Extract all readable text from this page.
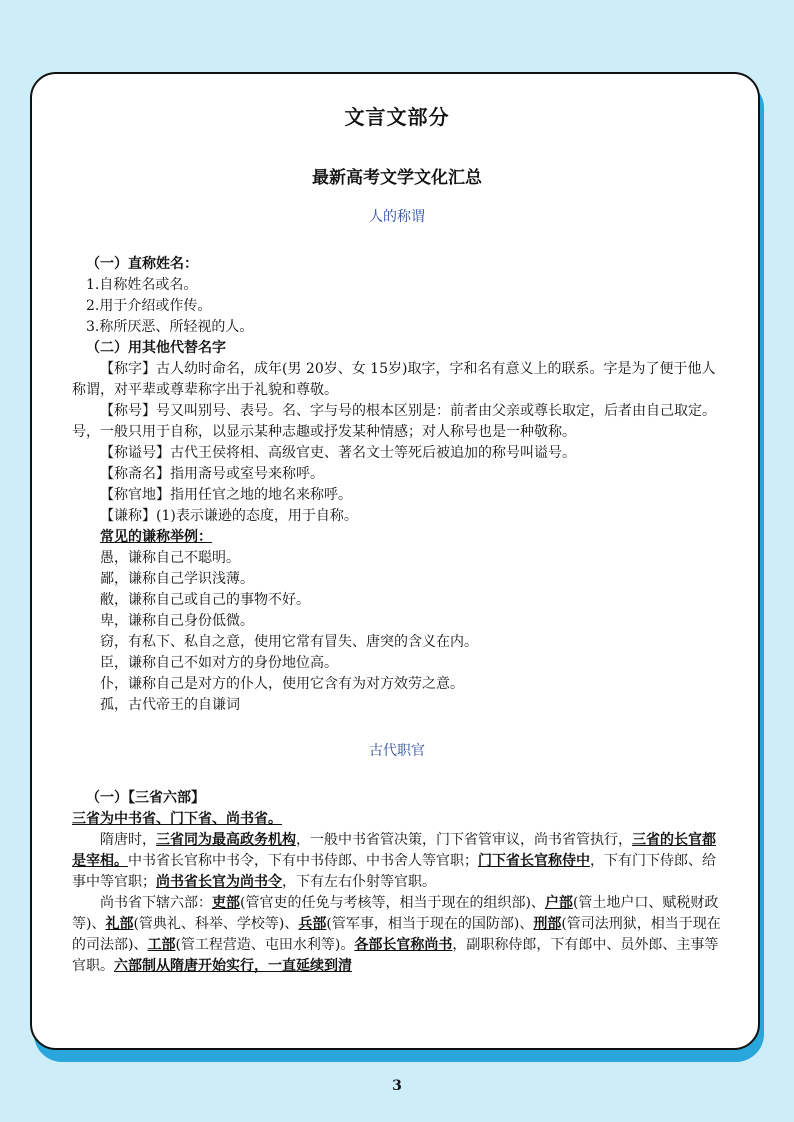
文言文部分
最新高考文学文化汇总
人的称谓

（一）直称姓名：

1.自称姓名或名。

2.用于介绍或作传。

3.称所厌恶、所轻视的人。

（二）用其他代替名字

【称字】古人幼时命名，成年(男 20岁、女 15岁)取字，字和名有意义上的联系。字是为了便于他人称谓，对平辈或尊辈称字出于礼貌和尊敬。

【称号】号又叫别号、表号。名、字与号的根本区别是：前者由父亲或尊长取定，后者由自己取定。号，一般只用于自称，以显示某种志趣或抒发某种情感；对人称号也是一种敬称。

【称谥号】古代王侯将相、高级官吏、著名文士等死后被追加的称号叫谥号。

【称斋名】指用斋号或室号来称呼。

【称官地】指用任官之地的地名来称呼。

【谦称】(1)表示谦逊的态度，用于自称。

常见的谦称举例：

愚，谦称自己不聪明。

鄙，谦称自己学识浅薄。

敝，谦称自己或自己的事物不好。

卑，谦称自己身份低微。

窃，有私下、私自之意，使用它常有冒失、唐突的含义在内。

臣，谦称自己不如对方的身份地位高。

仆，谦称自己是对方的仆人，使用它含有为对方效劳之意。

孤，古代帝王的自谦词

古代职官

（一）【三省六部】

三省为中书省、门下省、尚书省。

隋唐时，三省同为最高政务机构，一般中书省管决策，门下省管审议，尚书省管执行，三省的长官都是宰相。中书省长官称中书令，下有中书侍郎、中书舍人等官职；门下省长官称侍中，下有门下侍郎、给事中等官职；尚书省长官为尚书令，下有左右仆射等官职。

尚书省下辖六部：吏部(管官吏的任免与考核等，相当于现在的组织部)、户部(管土地户口、赋税财政等)、礼部(管典礼、科举、学校等)、兵部(管军事，相当于现在的国防部)、刑部(管司法刑狱，相当于现在的司法部)、工部(管工程营造、屯田水利等)。各部长官称尚书，副职称侍郎，下有郎中、员外郎、主事等官职。六部制从隋唐开始实行，一直延续到清

3
